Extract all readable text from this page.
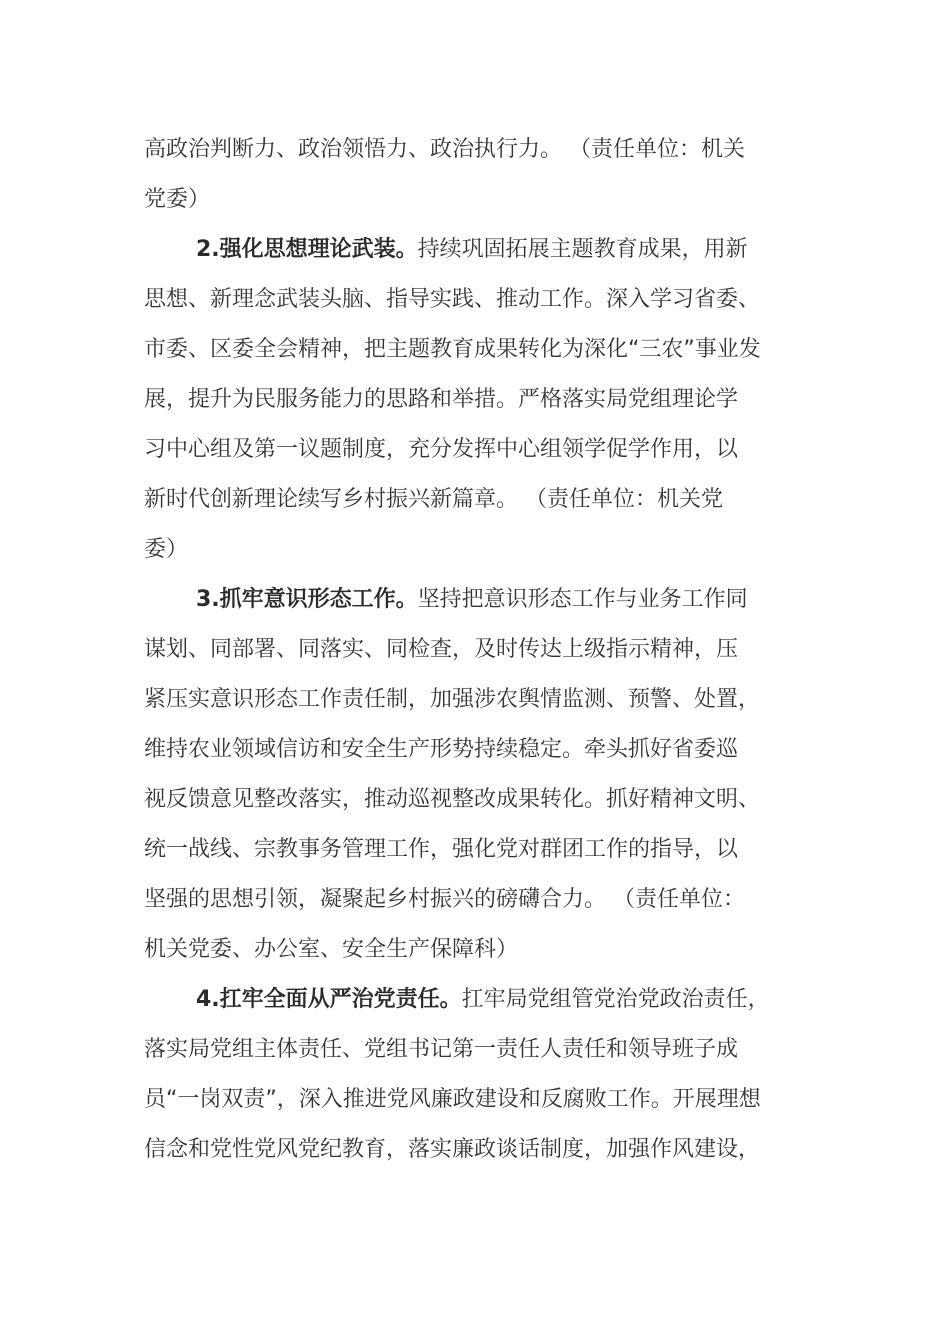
高政治判断力、政治领悟力、政治执行力。 （责任单位：机关
党委）
2.强化思想理论武装。持续巩固拓展主题教育成果，用新
思想、新理念武装头脑、指导实践、推动工作。深入学习省委、
市委、区委全会精神，把主题教育成果转化为深化“三农”事业发
展，提升为民服务能力的思路和举措。严格落实局党组理论学
习中心组及第一议题制度，充分发挥中心组领学促学作用，以
新时代创新理论续写乡村振兴新篇章。 （责任单位：机关党
委）
3.抓牢意识形态工作。坚持把意识形态工作与业务工作同
谋划、同部署、同落实、同检查，及时传达上级指示精神，压
紧压实意识形态工作责任制，加强涉农舆情监测、预警、处置，
维持农业领域信访和安全生产形势持续稳定。牵头抓好省委巡
视反馈意见整改落实，推动巡视整改成果转化。抓好精神文明、
统一战线、宗教事务管理工作，强化党对群团工作的指导，以
坚强的思想引领，凝聚起乡村振兴的磅礴合力。 （责任单位：
机关党委、办公室、安全生产保障科）
4.扛牢全面从严治党责任。扛牢局党组管党治党政治责任，
落实局党组主体责任、党组书记第一责任人责任和领导班子成
员“一岗双责”，深入推进党风廉政建设和反腐败工作。开展理想
信念和党性党风党纪教育，落实廉政谈话制度，加强作风建设，
